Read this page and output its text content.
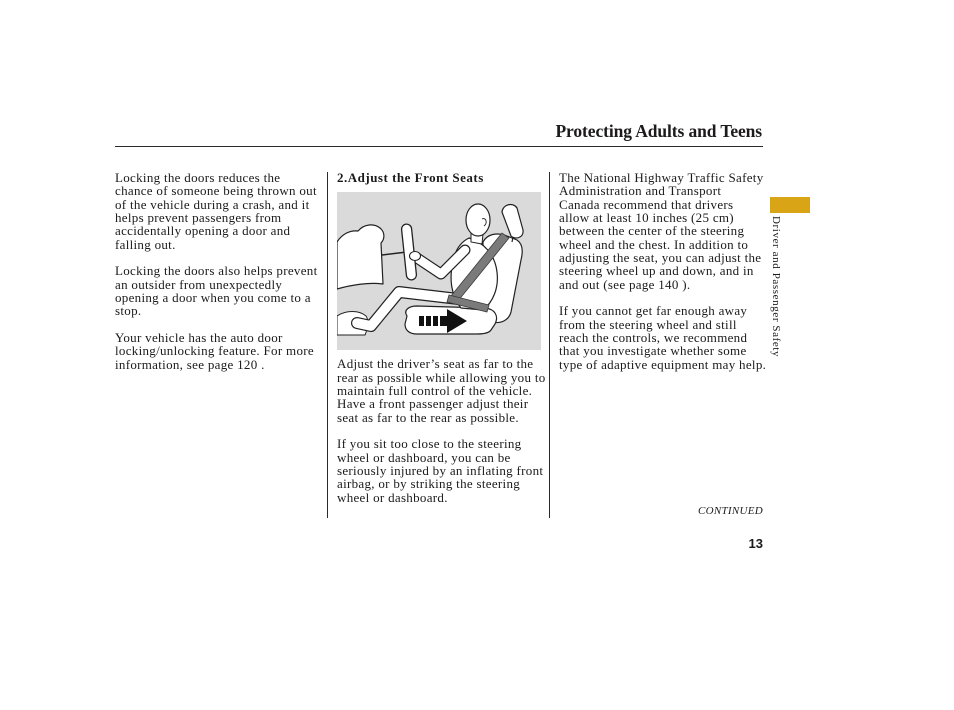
Protecting Adults and Teens

Locking the doors reduces the
chance of someone being thrown out
of the vehicle during a crash, and it
helps prevent passengers from
accidentally opening a door and
falling out.

Locking the doors also helps prevent
an outsider from unexpectedly
opening a door when you come to a
stop.

Your vehicle has the auto door
locking/unlocking feature. For more
information, see page 120 .

2.Adjust the Front Seats

Adjust the driver’s seat as far to the
rear as possible while allowing you to
maintain full control of the vehicle.
Have a front passenger adjust their
seat as far to the rear as possible.

If you sit too close to the steering
wheel or dashboard, you can be
seriously injured by an inflating front
airbag, or by striking the steering
wheel or dashboard.

The National Highway Traffic Safety
Administration and Transport
Canada recommend that drivers
allow at least 10 inches (25 cm)
between the center of the steering
wheel and the chest. In addition to
adjusting the seat, you can adjust the
steering wheel up and down, and in
and out (see page 140 ).

If you cannot get far enough away
from the steering wheel and still
reach the controls, we recommend
that you investigate whether some
type of adaptive equipment may help.

CONTINUED
13
Driver and Passenger Safety
